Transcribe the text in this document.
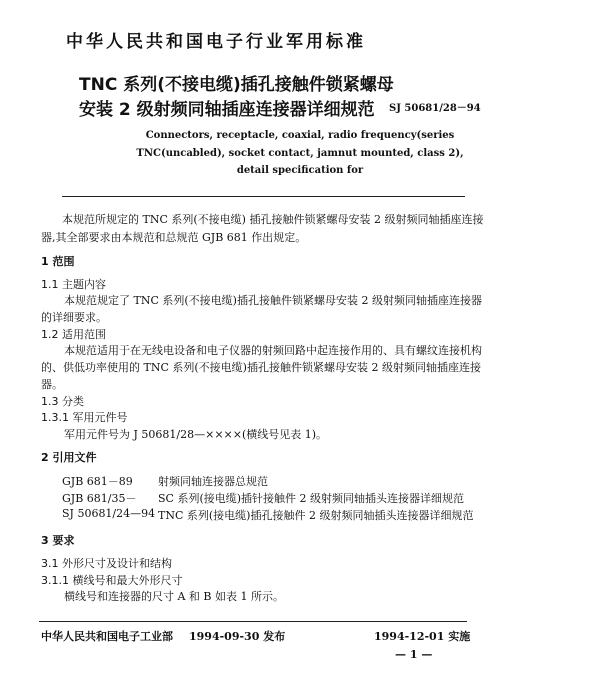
中华人民共和国电子行业军用标准
TNC 系列(不接电缆)插孔接触件锁紧螺母
安装 2 级射频同轴插座连接器详细规范 SJ 50681/28－94
Connectors, receptacle, coaxial, radio frequency(series
TNC(uncabled), socket contact, jamnut mounted, class 2),
detail specification for
本规范所规定的 TNC 系列(不接电缆) 插孔接触件锁紧螺母安装 2 级射频同轴插座连接
器,其全部要求由本规范和总规范 GJB 681 作出规定。
1 范围
1.1 主题内容
本规范规定了 TNC 系列(不接电缆)插孔接触件锁紧螺母安装 2 级射频同轴插座连接器
的详细要求。
1.2 适用范围
本规范适用于在无线电设备和电子仪器的射频回路中起连接作用的、具有螺纹连接机构
的、供低功率使用的 TNC 系列(不接电缆)插孔接触件锁紧螺母安装 2 级射频同轴插座连接
器。
1.3 分类
1.3.1 军用元件号
军用元件号为 J 50681/28—××××(横线号见表 1)。
2 引用文件
GJB 681－89 射频同轴连接器总规范
GJB 681/35－ SC 系列(接电缆)插针接触件 2 级射频同轴插头连接器详细规范
SJ 50681/24—94 TNC 系列(接电缆)插孔接触件 2 级射频同轴插头连接器详细规范
3 要求
3.1 外形尺寸及设计和结构
3.1.1 横线号和最大外形尺寸
横线号和连接器的尺寸 A 和 B 如表 1 所示。
中华人民共和国电子工业部 1994-09-30 发布	1994-12-01 实施
— 1 —
